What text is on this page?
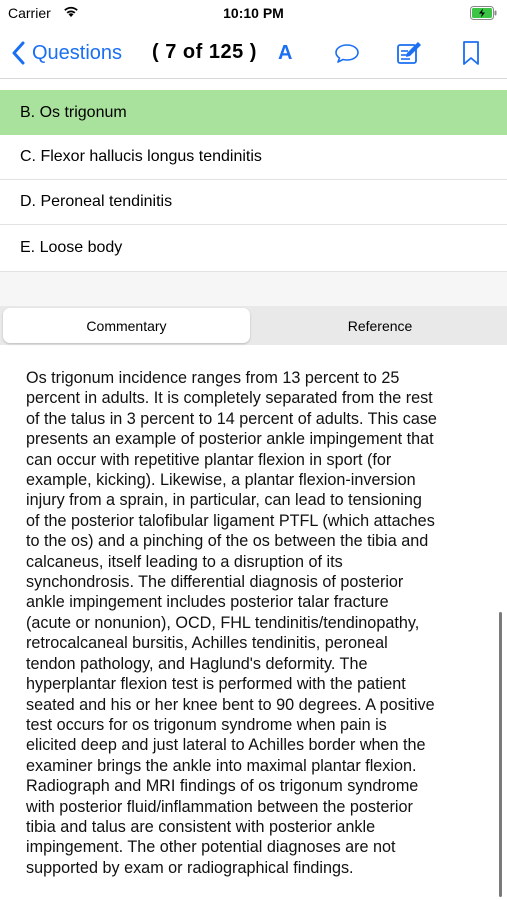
Carrier	10:10 PM
Questions ( 7 of 125 ) A
B. Os trigonum
C. Flexor hallucis longus tendinitis
D. Peroneal tendinitis
E. Loose body
Commentary	Reference
Os trigonum incidence ranges from 13 percent to 25
percent in adults. It is completely separated from the rest
of the talus in 3 percent to 14 percent of adults. This case
presents an example of posterior ankle impingement that
can occur with repetitive plantar flexion in sport (for
example, kicking). Likewise, a plantar flexion-inversion
injury from a sprain, in particular, can lead to tensioning
of the posterior talofibular ligament PTFL (which attaches
to the os) and a pinching of the os between the tibia and
calcaneus, itself leading to a disruption of its
synchondrosis. The differential diagnosis of posterior
ankle impingement includes posterior talar fracture
(acute or nonunion), OCD, FHL tendinitis/tendinopathy,
retrocalcaneal bursitis, Achilles tendinitis, peroneal
tendon pathology, and Haglund's deformity. The
hyperplantar flexion test is performed with the patient
seated and his or her knee bent to 90 degrees. A positive
test occurs for os trigonum syndrome when pain is
elicited deep and just lateral to Achilles border when the
examiner brings the ankle into maximal plantar flexion.
Radiograph and MRI findings of os trigonum syndrome
with posterior fluid/inflammation between the posterior
tibia and talus are consistent with posterior ankle
impingement. The other potential diagnoses are not
supported by exam or radiographical findings.
